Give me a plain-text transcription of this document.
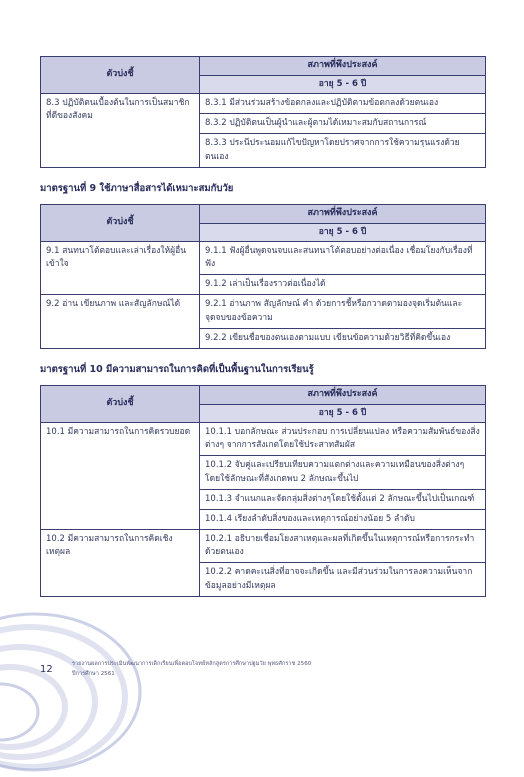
ตัวบ่งชี้	สภาพที่พึงประสงค์
	อายุ 5 - 6 ปี
8.3 ปฏิบัติตนเบื้องต้นในการเป็นสมาชิกที่ดีของสังคม	8.3.1 มีส่วนร่วมสร้างข้อตกลงและปฏิบัติตามข้อตกลงด้วยตนเอง
	8.3.2 ปฏิบัติตนเป็นผู้นำและผู้ตามได้เหมาะสมกับสถานการณ์
	8.3.3 ประนีประนอมแก้ไขปัญหาโดยปราศจากการใช้ความรุนแรงด้วยตนเอง
มาตรฐานที่ 9 ใช้ภาษาสื่อสารได้เหมาะสมกับวัย
ตัวบ่งชี้	สภาพที่พึงประสงค์
	อายุ 5 - 6 ปี
9.1 สนทนาโต้ตอบและเล่าเรื่องให้ผู้อื่นเข้าใจ	9.1.1 ฟังผู้อื่นพูดจนจบและสนทนาโต้ตอบอย่างต่อเนื่อง เชื่อมโยงกับเรื่องที่ฟัง
	9.1.2 เล่าเป็นเรื่องราวต่อเนื่องได้
9.2 อ่าน เขียนภาพ และสัญลักษณ์ได้	9.2.1 อ่านภาพ สัญลักษณ์ คำ ด้วยการชี้หรือกวาดตามองจุดเริ่มต้นและจุดจบของข้อความ
	9.2.2 เขียนชื่อของตนเองตามแบบ เขียนข้อความด้วยวิธีที่คิดขึ้นเอง
มาตรฐานที่ 10 มีความสามารถในการคิดที่เป็นพื้นฐานในการเรียนรู้
ตัวบ่งชี้	สภาพที่พึงประสงค์
	อายุ 5 - 6 ปี
10.1 มีความสามารถในการคิดรวบยอด	10.1.1 บอกลักษณะ ส่วนประกอบ การเปลี่ยนแปลง หรือความสัมพันธ์ของสิ่งต่างๆ จากการสังเกตโดยใช้ประสาทสัมผัส
	10.1.2 จับคู่และเปรียบเทียบความแตกต่างและความเหมือนของสิ่งต่างๆ โดยใช้ลักษณะที่สังเกตพบ 2 ลักษณะขึ้นไป
	10.1.3 จำแนกและจัดกลุ่มสิ่งต่างๆโดยใช้ตั้งแต่ 2 ลักษณะขึ้นไปเป็นเกณฑ์
	10.1.4 เรียงลำดับสิ่งของและเหตุการณ์อย่างน้อย 5 ลำดับ
10.2 มีความสามารถในการคิดเชิงเหตุผล	10.2.1 อธิบายเชื่อมโยงสาเหตุและผลที่เกิดขึ้นในเหตุการณ์หรือการกระทำด้วยตนเอง
	10.2.2 คาดคะเนสิ่งที่อาจจะเกิดขึ้น และมีส่วนร่วมในการลงความเห็นจากข้อมูลอย่างมีเหตุผล
12	รายงานผลการประเมินพัฒนาการเด็กเรียนเพื่อตอบโจทย์หลักสูตรการศึกษาปฐมวัย พุทธศักราช 2560
ปีการศึกษา 2561
